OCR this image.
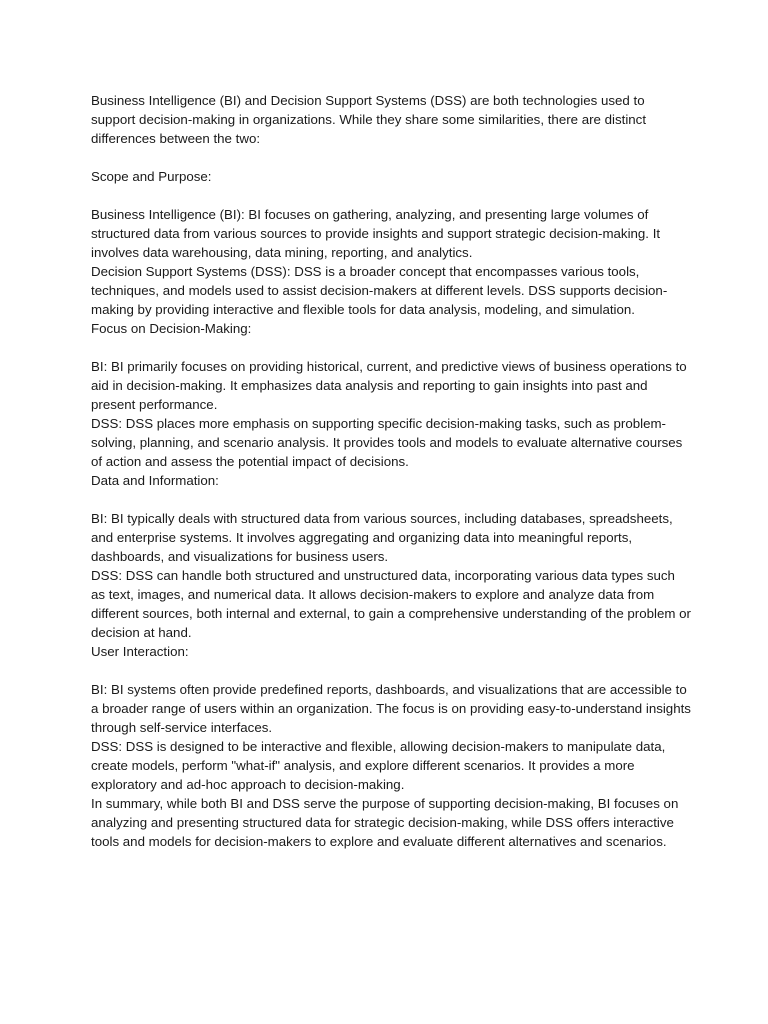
Business Intelligence (BI) and Decision Support Systems (DSS) are both technologies used to support decision-making in organizations. While they share some similarities, there are distinct differences between the two:

Scope and Purpose:

Business Intelligence (BI): BI focuses on gathering, analyzing, and presenting large volumes of structured data from various sources to provide insights and support strategic decision-making. It involves data warehousing, data mining, reporting, and analytics.

Decision Support Systems (DSS): DSS is a broader concept that encompasses various tools, techniques, and models used to assist decision-makers at different levels. DSS supports decision-making by providing interactive and flexible tools for data analysis, modeling, and simulation.

Focus on Decision-Making:

BI: BI primarily focuses on providing historical, current, and predictive views of business operations to aid in decision-making. It emphasizes data analysis and reporting to gain insights into past and present performance.

DSS: DSS places more emphasis on supporting specific decision-making tasks, such as problem-solving, planning, and scenario analysis. It provides tools and models to evaluate alternative courses of action and assess the potential impact of decisions.

Data and Information:

BI: BI typically deals with structured data from various sources, including databases, spreadsheets, and enterprise systems. It involves aggregating and organizing data into meaningful reports, dashboards, and visualizations for business users.

DSS: DSS can handle both structured and unstructured data, incorporating various data types such as text, images, and numerical data. It allows decision-makers to explore and analyze data from different sources, both internal and external, to gain a comprehensive understanding of the problem or decision at hand.

User Interaction:

BI: BI systems often provide predefined reports, dashboards, and visualizations that are accessible to a broader range of users within an organization. The focus is on providing easy-to-understand insights through self-service interfaces.

DSS: DSS is designed to be interactive and flexible, allowing decision-makers to manipulate data, create models, perform "what-if" analysis, and explore different scenarios. It provides a more exploratory and ad-hoc approach to decision-making.

In summary, while both BI and DSS serve the purpose of supporting decision-making, BI focuses on analyzing and presenting structured data for strategic decision-making, while DSS offers interactive tools and models for decision-makers to explore and evaluate different alternatives and scenarios.
